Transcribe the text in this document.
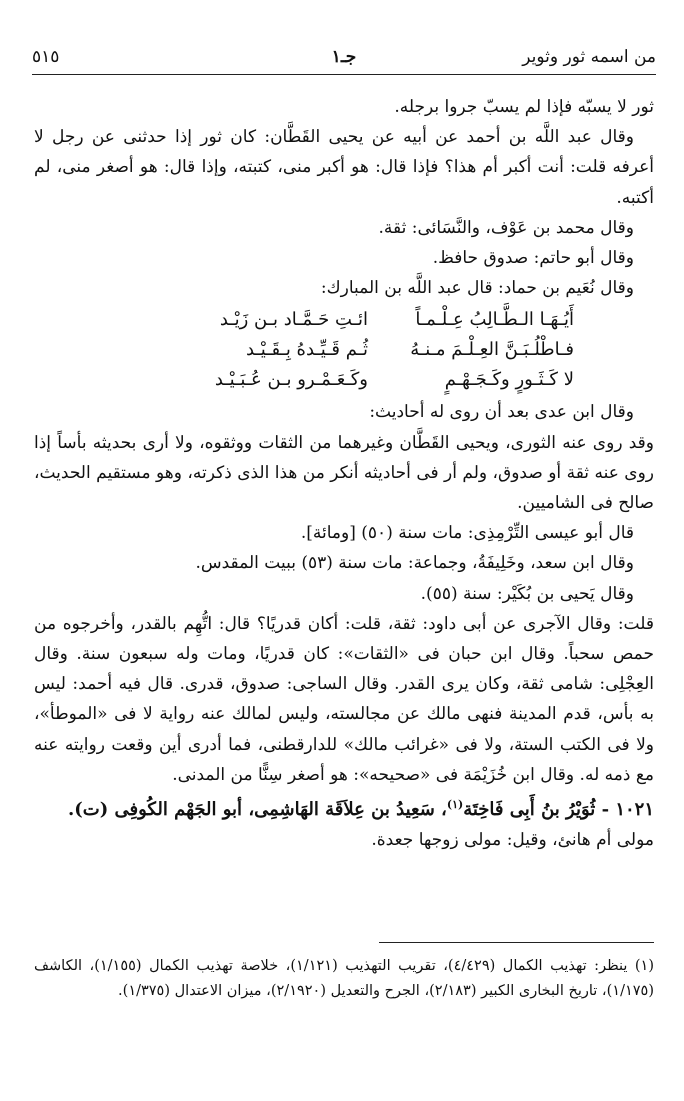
من اسمه ثور وثوير
جـ١
٥١٥

ثور لا يسبّه فإذا لم يسبّ جروا برجله.

وقال عبد اللَّه بن أحمد عن أبيه عن يحيى القَطَّان: كان ثور إذا حدثنى عن رجل لا أعرفه قلت: أنت أكبر أم هذا؟ فإذا قال: هو أكبر منى، كتبته، وإذا قال: هو أصغر منى، لم أكتبه.

وقال محمد بن عَوْف، والنَّسَائى: ثقة.

وقال أبو حاتم: صدوق حافظ.

وقال نُعَيم بن حماد: قال عبد اللَّه بن المبارك:

أَيُـهَـا الـطَّـالِبُ عِـلْـمـاً
ائـتِ حَـمَّـاد بـن زَيْـد
فـاطْلُـبَـنَّ العِـلْـمَ مـنـهُ
ثُـم قَـيِّـدهُ بِـقَـيْـد
لا كَـثَـورٍ وكَـجَـهْـمٍ
وكَـعَـمْـرو بـن عُـبَـيْـد

وقال ابن عدى بعد أن روى له أحاديث:

وقد روى عنه الثورى، ويحيى القَطَّان وغيرهما من الثقات ووثقوه، ولا أرى بحديثه بأساً إذا روى عنه ثقة أو صدوق، ولم أر فى أحاديثه أنكر من هذا الذى ذكرته، وهو مستقيم الحديث، صالح فى الشاميين.

قال أبو عيسى التِّرْمِذِى: مات سنة (٥٠) [ومائة].

وقال ابن سعد، وخَلِيفَةُ، وجماعة: مات سنة (٥٣) ببيت المقدس.

وقال يَحيى بن بُكَيْر: سنة (٥٥).

قلت: وقال الآجرى عن أبى داود: ثقة، قلت: أكان قدريًا؟ قال: اتُّهِم بالقدر، وأخرجوه من حمص سحباً. وقال ابن حبان فى «الثقات»: كان قدريًا، ومات وله سبعون سنة. وقال العِجْلِى: شامى ثقة، وكان يرى القدر. وقال الساجى: صدوق، قدرى. قال فيه أحمد: ليس به بأس، قدم المدينة فنهى مالك عن مجالسته، وليس لمالك عنه رواية لا فى «الموطأ»، ولا فى الكتب الستة، ولا فى «غرائب مالك» للدارقطنى، فما أدرى أين وقعت روايته عنه مع ذمه له. وقال ابن خُزَيْمَة فى «صحيحه»: هو أصغر سِنًّا من المدنى.

١٠٢١ - ثُوَيْرُ بنُ أَبِى فَاخِتَة$^{(١)}$، سَعِيدُ بن عِلاَقَة الهَاشِمِى، أبو الجَهْم الكُوفِى (ت).

مولى أم هانئ، وقيل: مولى زوجها جعدة.

(١) ينظر: تهذيب الكمال (٤/٤٢٩)، تقريب التهذيب (١/١٢١)، خلاصة تهذيب الكمال (١/١٥٥)، الكاشف (١/١٧٥)، تاريخ البخارى الكبير (٢/١٨٣)، الجرح والتعديل (٢/١٩٢٠)، ميزان الاعتدال (١/٣٧٥).
